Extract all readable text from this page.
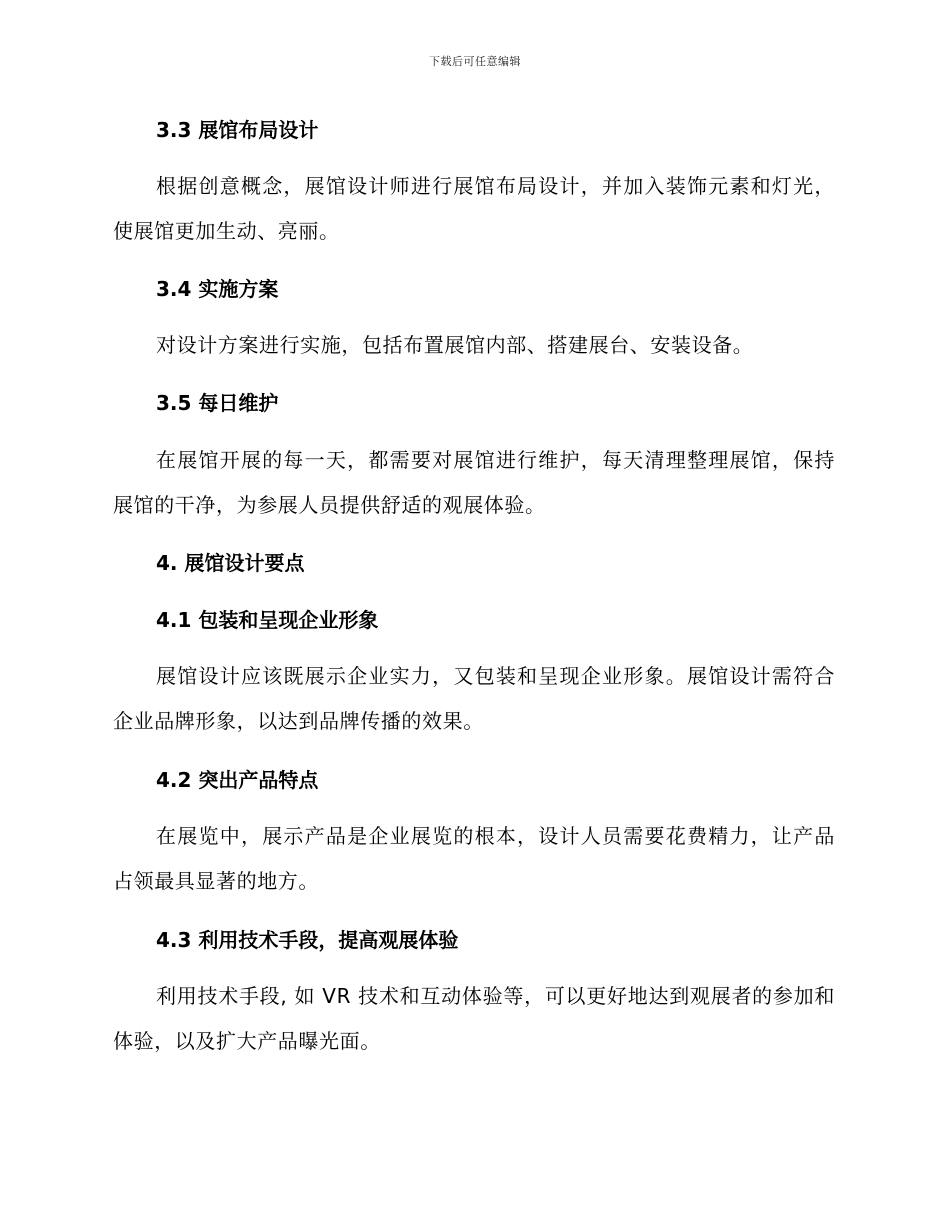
下载后可任意编辑
3.3 展馆布局设计
根据创意概念，展馆设计师进行展馆布局设计，并加入装饰元素和灯光，使展馆更加生动、亮丽。
3.4 实施方案
对设计方案进行实施，包括布置展馆内部、搭建展台、安装设备。
3.5 每日维护
在展馆开展的每一天，都需要对展馆进行维护，每天清理整理展馆，保持展馆的干净，为参展人员提供舒适的观展体验。
4. 展馆设计要点
4.1 包装和呈现企业形象
展馆设计应该既展示企业实力，又包装和呈现企业形象。展馆设计需符合企业品牌形象，以达到品牌传播的效果。
4.2 突出产品特点
在展览中，展示产品是企业展览的根本，设计人员需要花费精力，让产品占领最具显著的地方。
4.3 利用技术手段，提高观展体验
利用技术手段, 如 VR 技术和互动体验等，可以更好地达到观展者的参加和体验，以及扩大产品曝光面。
